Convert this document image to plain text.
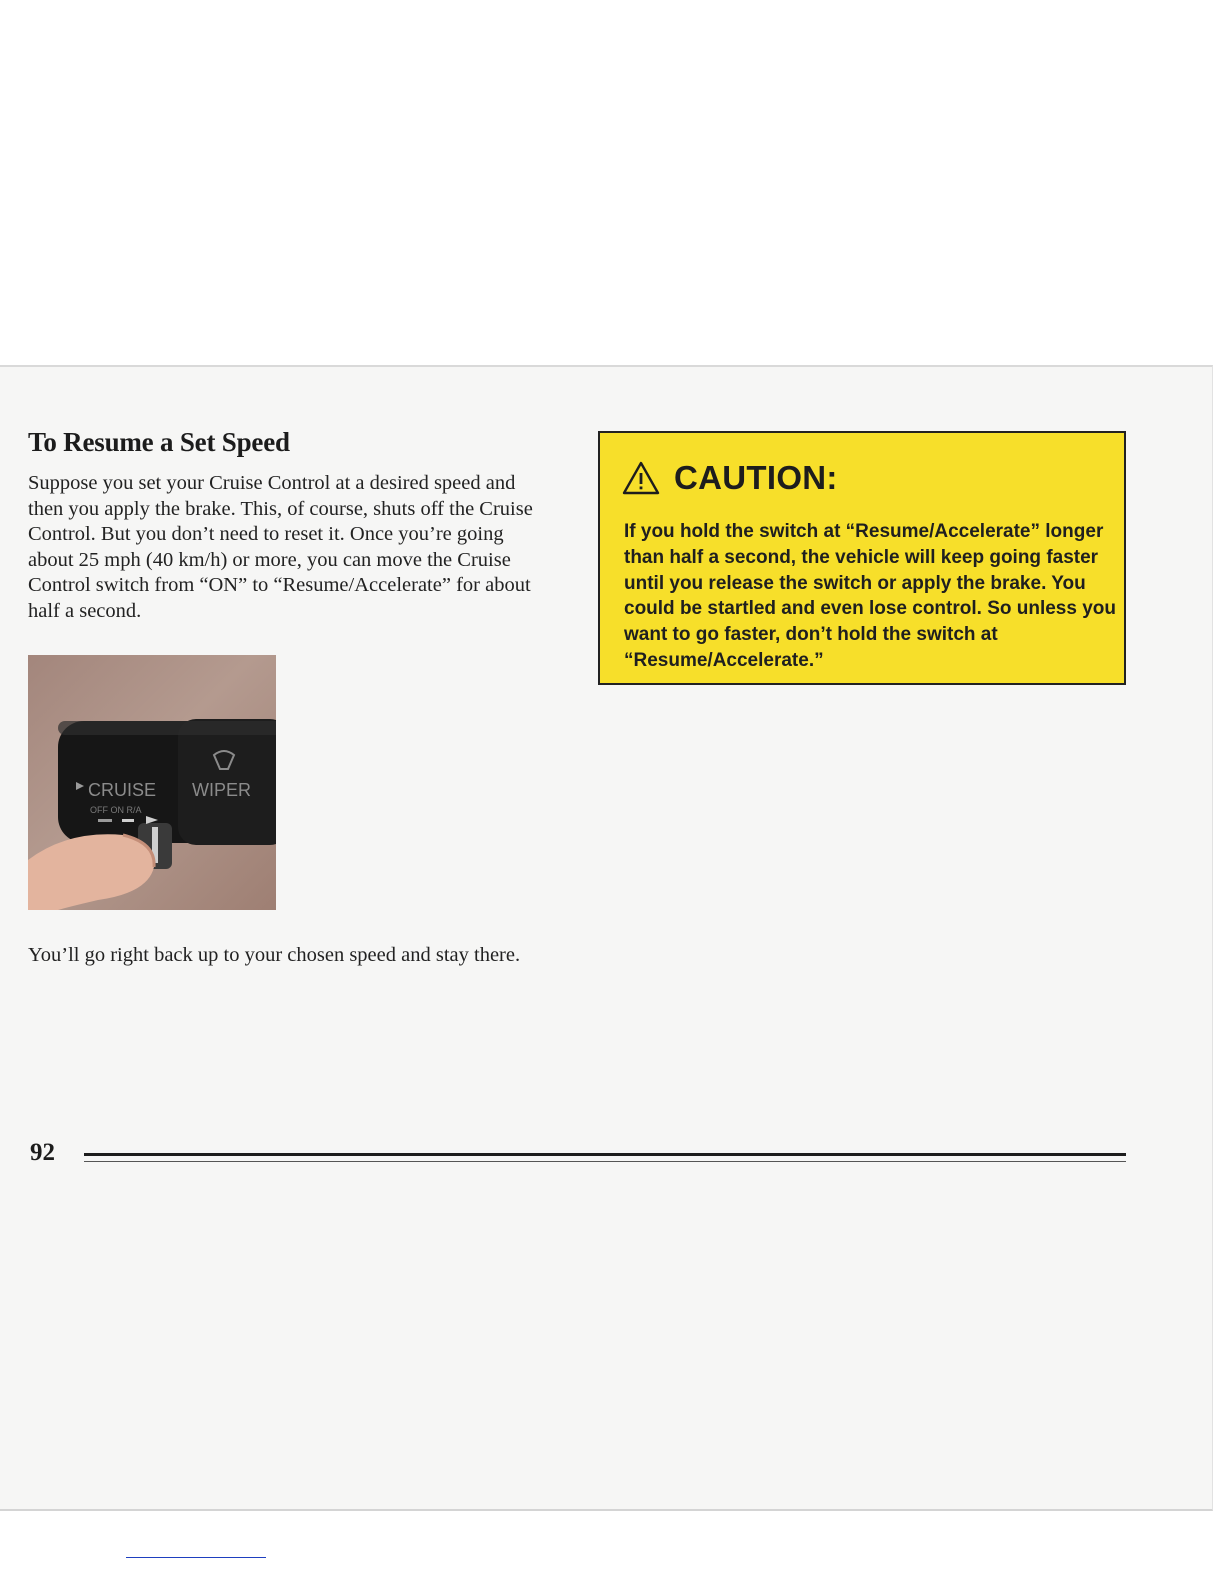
To Resume a Set Speed

Suppose you set your Cruise Control at a desired speed and then you apply the brake. This, of course, shuts off the Cruise Control. But you don’t need to reset it. Once you’re going about 25 mph (40 km/h) or more, you can move the Cruise Control switch from “ON” to “Resume/Accelerate” for about half a second.

CRUISE WIPER
OFF ON R/A

You’ll go right back up to your chosen speed and stay there.

CAUTION:

If you hold the switch at “Resume/Accelerate” longer than half a second, the vehicle will keep going faster until you release the switch or apply the brake. You could be startled and even lose control. So unless you want to go faster, don’t hold the switch at “Resume/Accelerate.”

92
